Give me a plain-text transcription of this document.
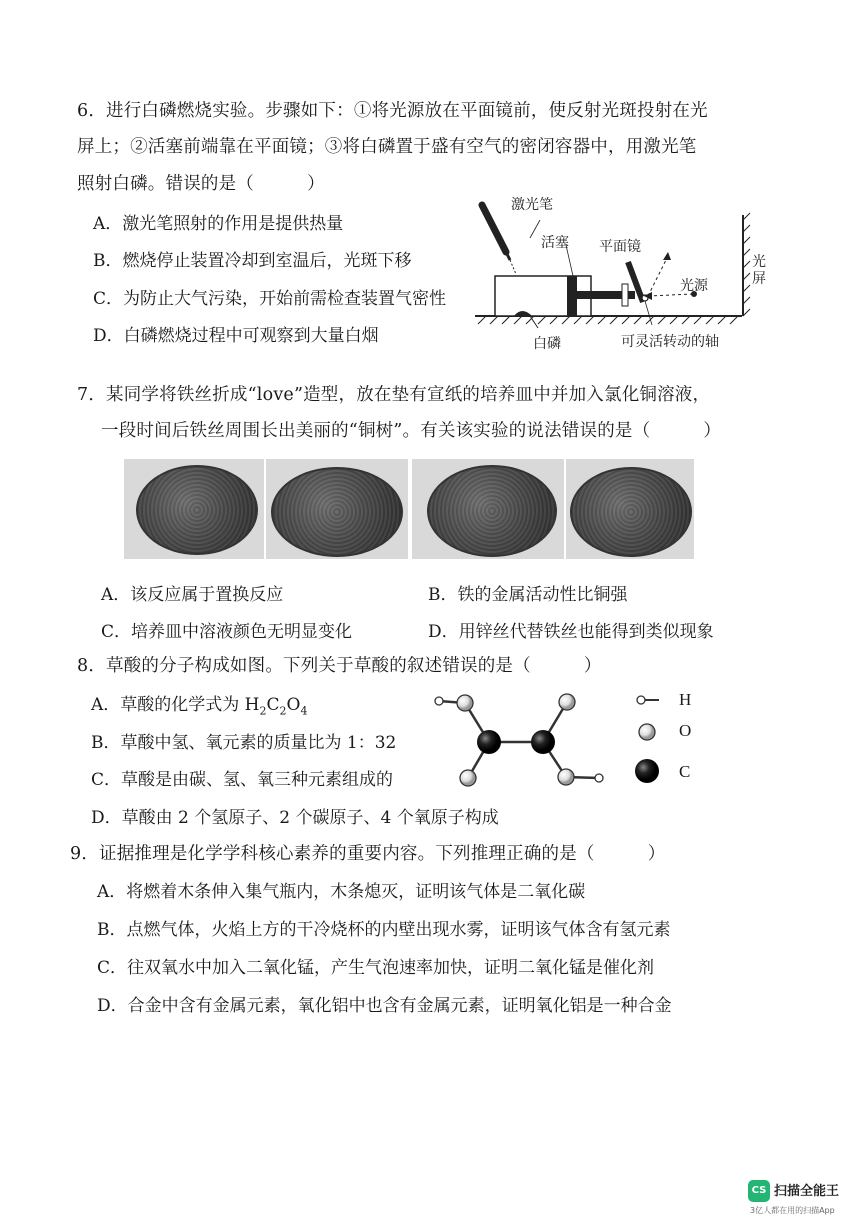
6．进行白磷燃烧实验。步骤如下：①将光源放在平面镜前，使反射光斑投射在光
屏上；②活塞前端靠在平面镜；③将白磷置于盛有空气的密闭容器中，用激光笔
照射白磷。错误的是（　　　）
A．激光笔照射的作用是提供热量
B．燃烧停止装置冷却到室温后，光斑下移
C．为防止大气污染，开始前需检查装置气密性
D．白磷燃烧过程中可观察到大量白烟
激光笔
活塞 平面镜
光源
光屏
白磷	可灵活转动的轴
7．某同学将铁丝折成“love”造型，放在垫有宣纸的培养皿中并加入氯化铜溶液，
一段时间后铁丝周围长出美丽的“铜树”。有关该实验的说法错误的是（　　　）
A．该反应属于置换反应	B．铁的金属活动性比铜强
C．培养皿中溶液颜色无明显变化	D．用锌丝代替铁丝也能得到类似现象
8．草酸的分子构成如图。下列关于草酸的叙述错误的是（　　　）
A．草酸的化学式为 $H_2C_2O_4$
B．草酸中氢、氧元素的质量比为 1：32
C．草酸是由碳、氢、氧三种元素组成的
D．草酸由 2 个氢原子、2 个碳原子、4 个氧原子构成
H
O
C
9．证据推理是化学学科核心素养的重要内容。下列推理正确的是（　　　）
A．将燃着木条伸入集气瓶内，木条熄灭，证明该气体是二氧化碳
B．点燃气体，火焰上方的干冷烧杯的内壁出现水雾，证明该气体含有氢元素
C．往双氧水中加入二氧化锰，产生气泡速率加快，证明二氧化锰是催化剂
D．合金中含有金属元素，氧化铝中也含有金属元素，证明氧化铝是一种合金
CS 扫描全能王
3亿人都在用的扫描App
